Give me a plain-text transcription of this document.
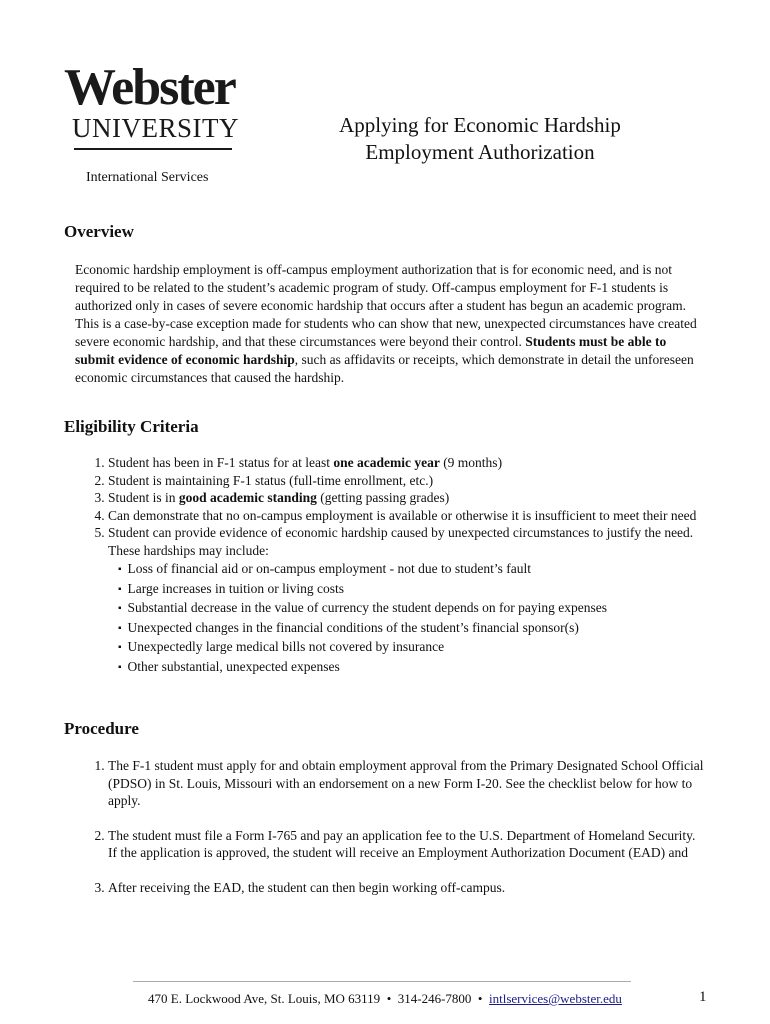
Webster
UNIVERSITY
International Services
Applying for Economic Hardship
Employment Authorization
Overview

Economic hardship employment is off-campus employment authorization that is for economic need, and is not required to be related to the student’s academic program of study. Off-campus employment for F-1 students is authorized only in cases of severe economic hardship that occurs after a student has begun an academic program. This is a case-by-case exception made for students who can show that new, unexpected circumstances have created severe economic hardship, and that these circumstances were beyond their control. Students must be able to submit evidence of economic hardship, such as affidavits or receipts, which demonstrate in detail the unforeseen economic circumstances that caused the hardship.

Eligibility Criteria
1. Student has been in F-1 status for at least one academic year (9 months)
2. Student is maintaining F-1 status (full-time enrollment, etc.)
3. Student is in good academic standing (getting passing grades)
4. Can demonstrate that no on-campus employment is available or otherwise it is insufficient to meet their need
5. Student can provide evidence of economic hardship caused by unexpected circumstances to justify the need. These hardships may include:
▪ Loss of financial aid or on-campus employment - not due to student’s fault
▪ Large increases in tuition or living costs
▪ Substantial decrease in the value of currency the student depends on for paying expenses
▪ Unexpected changes in the financial conditions of the student’s financial sponsor(s)
▪ Unexpectedly large medical bills not covered by insurance
▪ Other substantial, unexpected expenses
Procedure
1. The F-1 student must apply for and obtain employment approval from the Primary Designated School Official (PDSO) in St. Louis, Missouri with an endorsement on a new Form I-20. See the checklist below for how to apply.
2. The student must file a Form I-765 and pay an application fee to the U.S. Department of Homeland Security. If the application is approved, the student will receive an Employment Authorization Document (EAD) and
3. After receiving the EAD, the student can then begin working off-campus.
470 E. Lockwood Ave, St. Louis, MO 63119 • 314-246-7800 • intlservices@webster.edu	1
